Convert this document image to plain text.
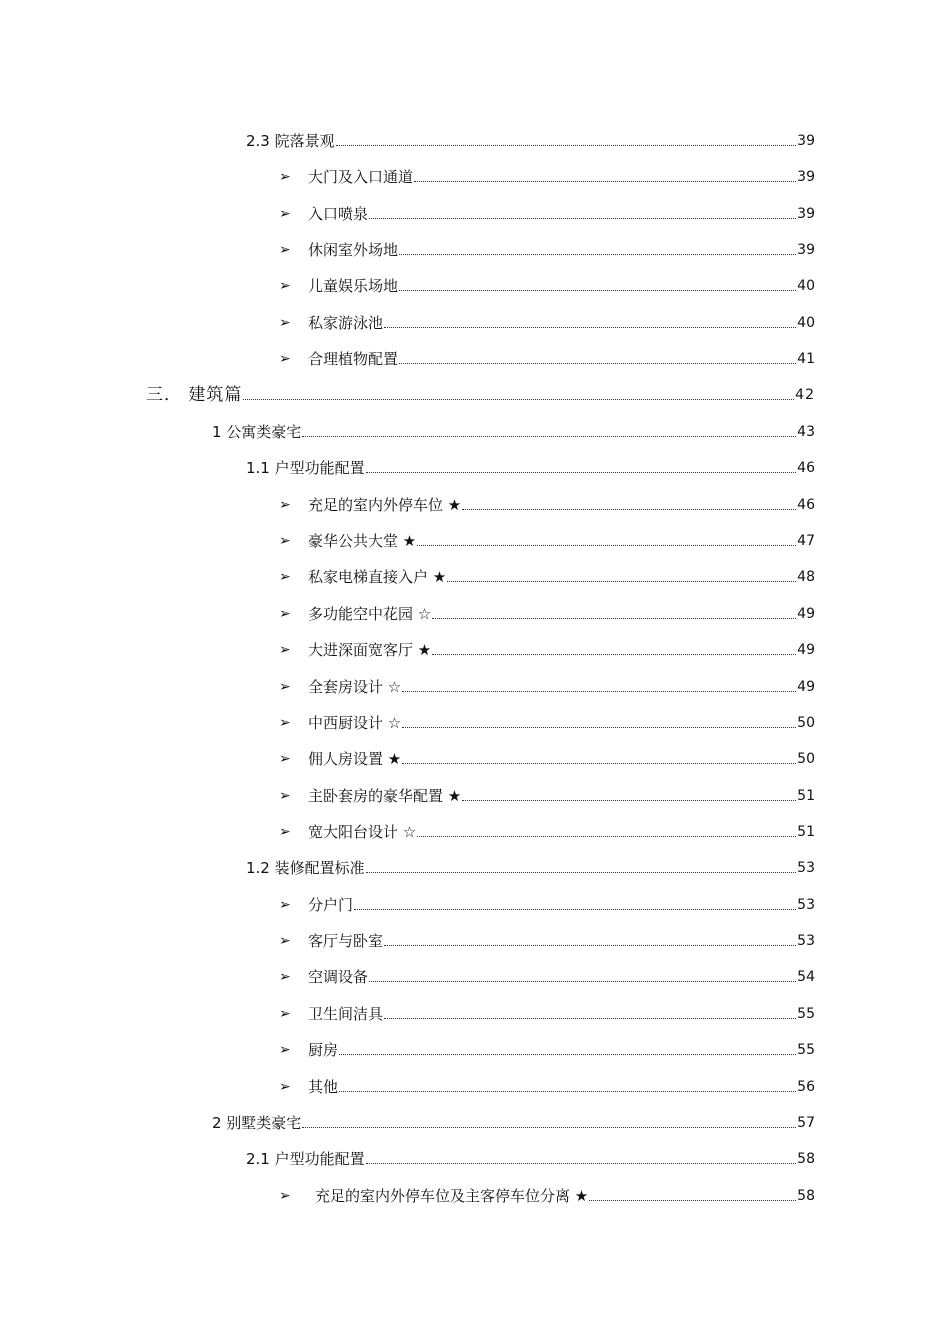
2.3 院落景观	39
➢	大门及入口通道	39
➢	入口喷泉	39
➢	休闲室外场地	39
➢	儿童娱乐场地	40
➢	私家游泳池	40
➢	合理植物配置	41
三． 建筑篇	42
1 公寓类豪宅	43
1.1 户型功能配置	46
➢	充足的室内外停车位 ★	46
➢	豪华公共大堂 ★	47
➢	私家电梯直接入户 ★	48
➢	多功能空中花园 ☆	49
➢	大进深面宽客厅 ★	49
➢	全套房设计 ☆	49
➢	中西厨设计 ☆	50
➢	佣人房设置 ★	50
➢	主卧套房的豪华配置 ★	51
➢	宽大阳台设计 ☆	51
1.2 装修配置标准	53
➢	分户门	53
➢	客厅与卧室	53
➢	空调设备	54
➢	卫生间洁具	55
➢	厨房	55
➢	其他	56
2 别墅类豪宅	57
2.1 户型功能配置	58
➢	充足的室内外停车位及主客停车位分离 ★	58
